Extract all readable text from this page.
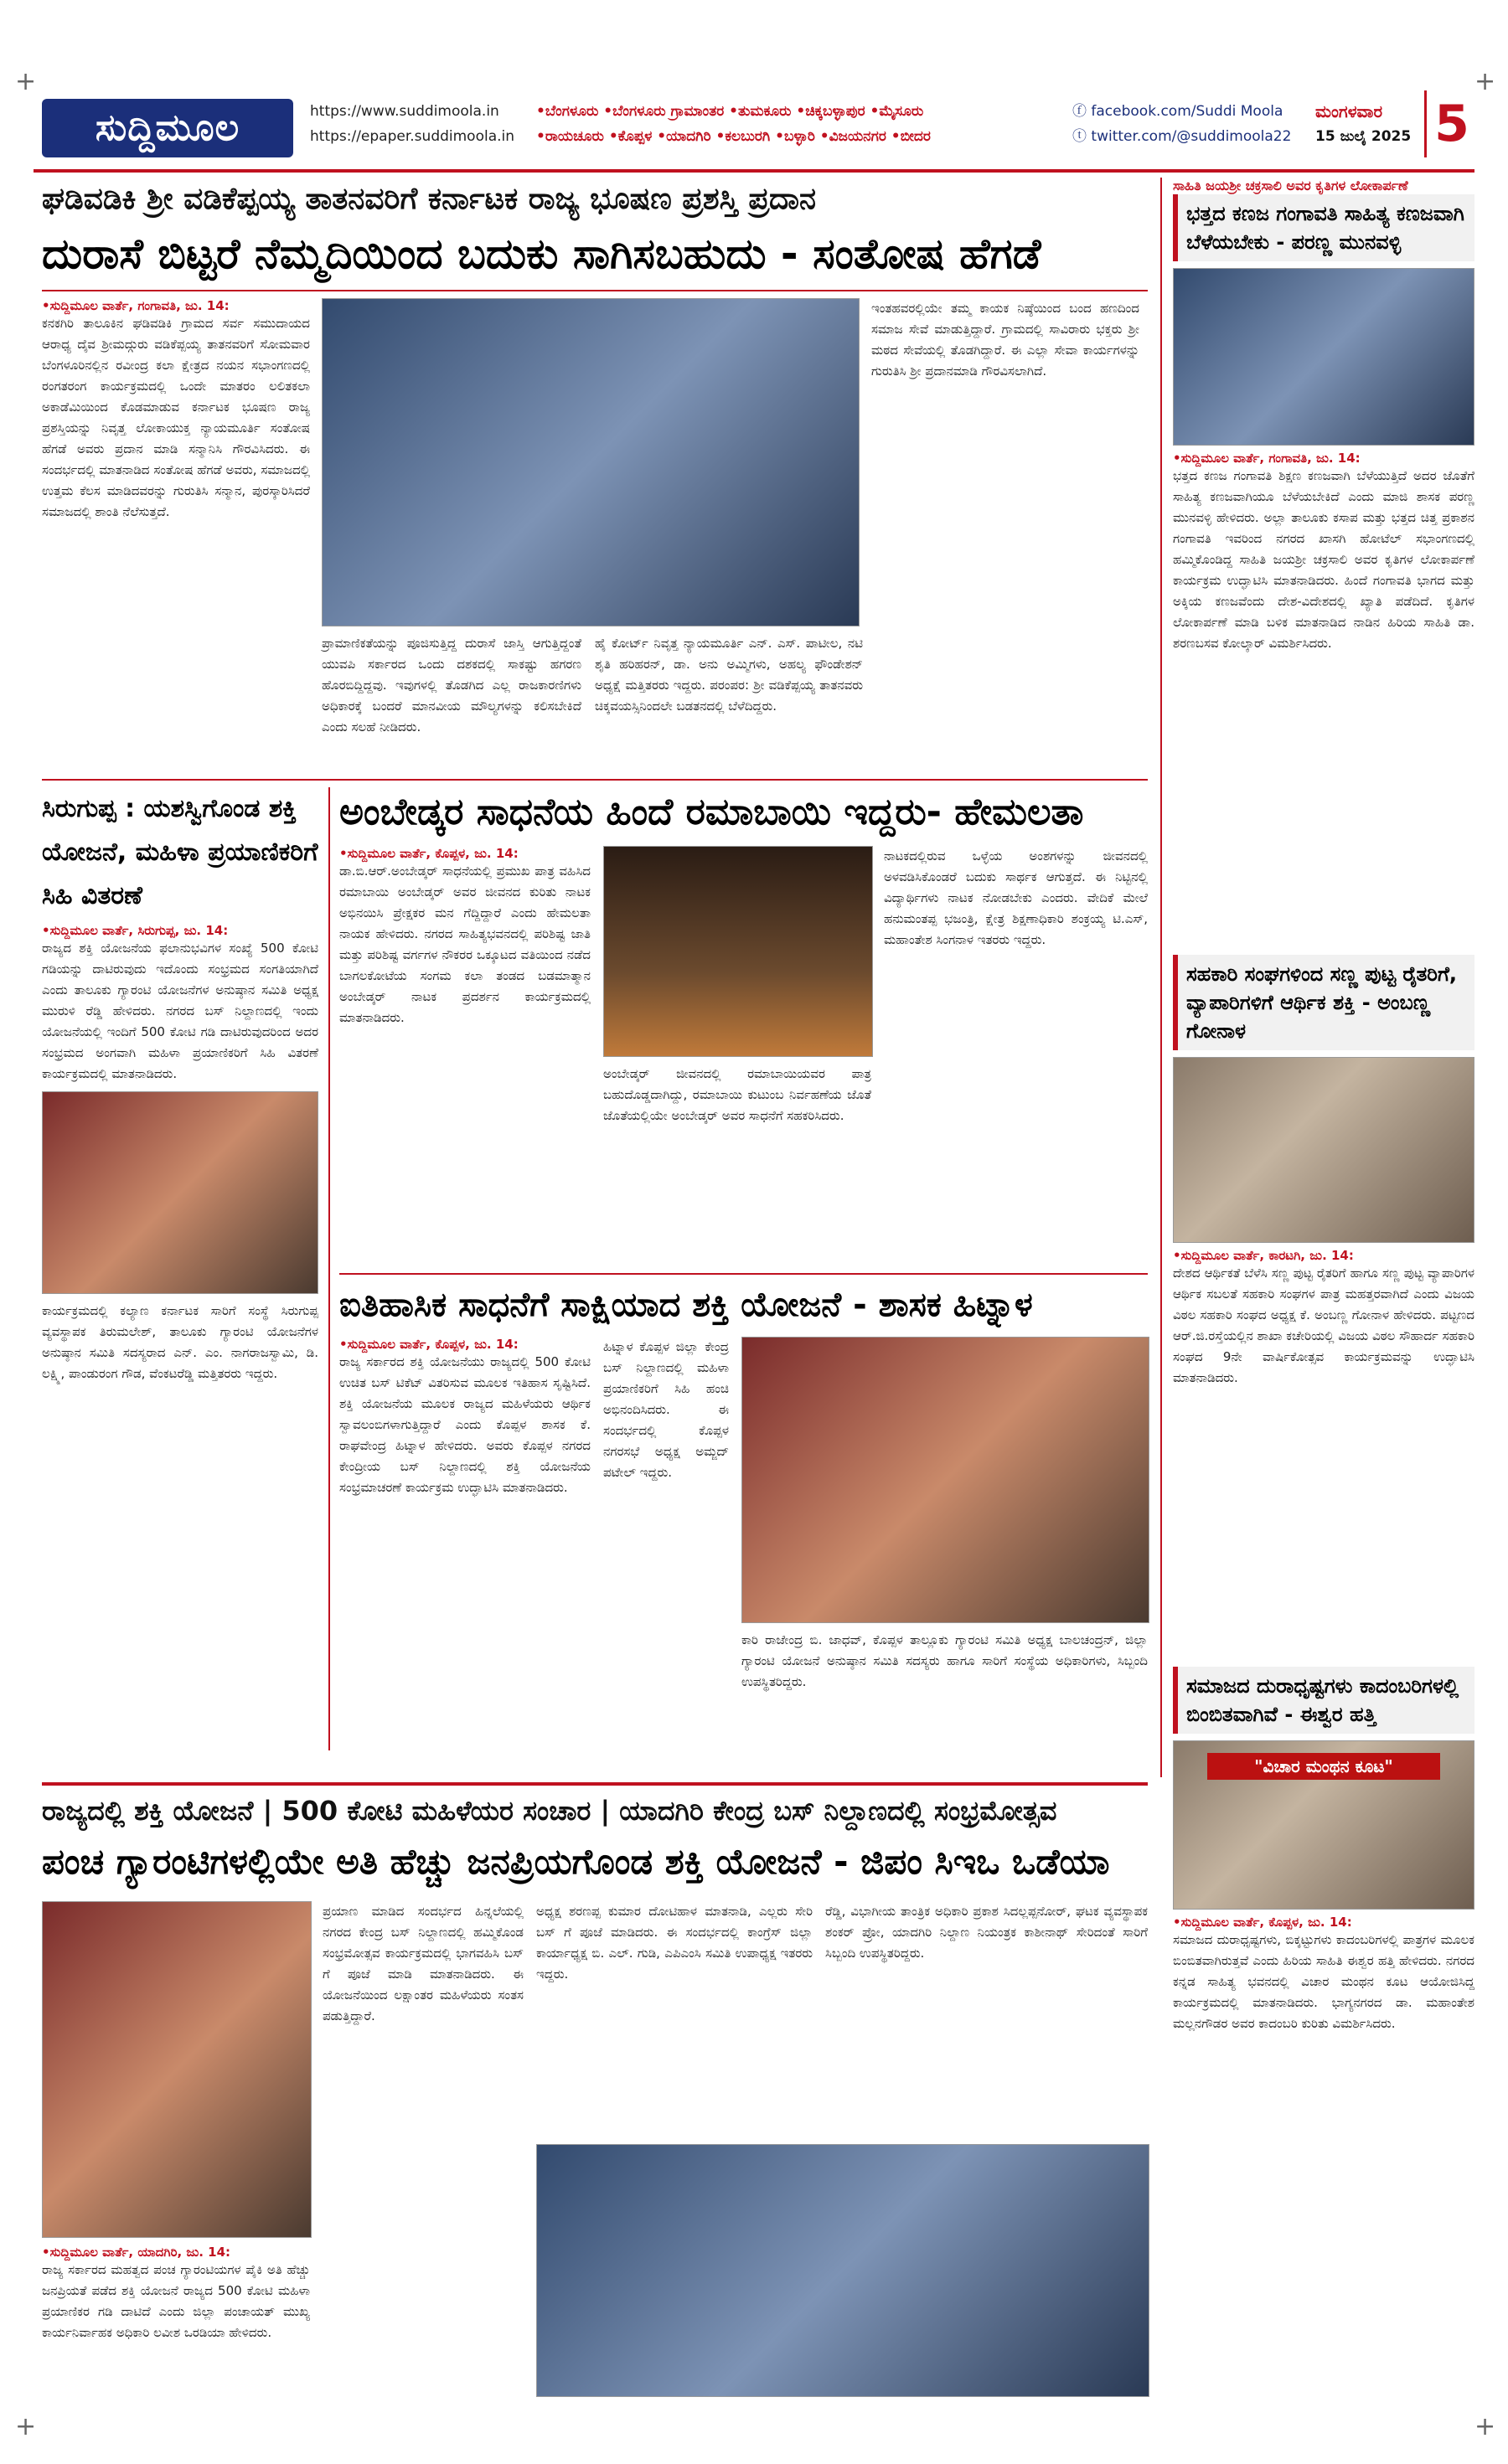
+	+
ಸುದ್ದಿಮೂಲ	https://www.suddimoola.in
https://epaper.suddimoola.in
•ಬೆಂಗಳೂರು •ಬೆಂಗಳೂರು ಗ್ರಾಮಾಂತರ •ತುಮಕೂರು •ಚಿಕ್ಕಬಳ್ಳಾಪುರ •ಮೈಸೂರು
•ರಾಯಚೂರು •ಕೊಪ್ಪಳ •ಯಾದಗಿರಿ •ಕಲಬುರಗಿ •ಬಳ್ಳಾರಿ •ವಿಜಯನಗರ •ಬೀದರ
ⓕ facebook.com/Suddi Moola
ⓣ twitter.com/@suddimoola22
ಮಂಗಳವಾರ
15 ಜುಲೈ 2025 5
ಘಡಿವಡಿಕಿ ಶ್ರೀ ವಡಿಕೆಪ್ಪಯ್ಯ ತಾತನವರಿಗೆ ಕರ್ನಾಟಕ ರಾಜ್ಯ ಭೂಷಣ ಪ್ರಶಸ್ತಿ ಪ್ರದಾನ
ದುರಾಸೆ ಬಿಟ್ಟರೆ ನೆಮ್ಮದಿಯಿಂದ ಬದುಕು ಸಾಗಿಸಬಹುದು - ಸಂತೋಷ ಹೆಗಡೆ
•ಸುದ್ದಿಮೂಲ ವಾರ್ತೆ, ಗಂಗಾವತಿ, ಜು. 14:
ಕನಕಗಿರಿ ತಾಲೂಕಿನ ಘಡಿವಡಿಕಿ ಗ್ರಾಮದ ಸರ್ವ ಸಮುದಾಯದ ಆರಾಧ್ಯ ದೈವ ಶ್ರೀಮದ್ಗುರು ವಡಿಕೆಪ್ಪಯ್ಯ ತಾತನವರಿಗೆ ಸೋಮವಾರ ಬೆಂಗಳೂರಿನಲ್ಲಿನ ರವೀಂದ್ರ ಕಲಾ ಕ್ಷೇತ್ರದ ನಯನ ಸಭಾಂಗಣದಲ್ಲಿ ರಂಗತರಂಗ ಕಾರ್ಯಕ್ರಮದಲ್ಲಿ ಒಂದೇ ಮಾತರಂ ಲಲಿತಕಲಾ ಅಕಾಡೆಮಿಯಿಂದ ಕೊಡಮಾಡುವ ಕರ್ನಾಟಕ ಭೂಷಣ ರಾಜ್ಯ ಪ್ರಶಸ್ತಿಯನ್ನು ನಿವೃತ್ತ ಲೋಕಾಯುಕ್ತ ನ್ಯಾಯಮೂರ್ತಿ ಸಂತೋಷ ಹೆಗಡೆ ಅವರು ಪ್ರದಾನ ಮಾಡಿ ಸನ್ಮಾನಿಸಿ ಗೌರವಿಸಿದರು. ಈ ಸಂದರ್ಭದಲ್ಲಿ ಮಾತನಾಡಿದ ಸಂತೋಷ ಹೆಗಡೆ ಅವರು, ಸಮಾಜದಲ್ಲಿ ಉತ್ತಮ ಕೆಲಸ ಮಾಡಿದವರನ್ನು ಗುರುತಿಸಿ ಸನ್ಮಾನ, ಪುರಸ್ಕಾರಿಸಿದರೆ ಸಮಾಜದಲ್ಲಿ ಶಾಂತಿ ನೆಲೆಸುತ್ತದೆ.
ಇಂತಹವರಲ್ಲಿಯೇ ತಮ್ಮ ಕಾಯಕ ನಿಷ್ಠೆಯಿಂದ ಬಂದ ಹಣದಿಂದ ಸಮಾಜ ಸೇವೆ ಮಾಡುತ್ತಿದ್ದಾರೆ. ಗ್ರಾಮದಲ್ಲಿ ಸಾವಿರಾರು ಭಕ್ತರು ಶ್ರೀ ಮಠದ ಸೇವೆಯಲ್ಲಿ ತೊಡಗಿದ್ದಾರೆ. ಈ ಎಲ್ಲಾ ಸೇವಾ ಕಾರ್ಯಗಳನ್ನು ಗುರುತಿಸಿ ಶ್ರೀ ಪ್ರದಾನಮಾಡಿ ಗೌರವಿಸಲಾಗಿದೆ.
ಪ್ರಾಮಾಣಿಕತೆಯನ್ನು ಪೂಜಿಸುತ್ತಿದ್ದ ದುರಾಸೆ ಜಾಸ್ತಿ ಆಗುತ್ತಿದ್ದಂತೆ ಯುವಪಿ ಸರ್ಕಾರದ ಒಂದು ದಶಕದಲ್ಲಿ ಸಾಕಷ್ಟು ಹಗರಣ ಹೊರಬಿದ್ದಿದ್ದವು. ಇವುಗಳಲ್ಲಿ ತೊಡಗಿದ ಎಲ್ಲ ರಾಜಕಾರಣಿಗಳು ಅಧಿಕಾರಕ್ಕೆ ಬಂದರೆ ಮಾನವೀಯ ಮೌಲ್ಯಗಳನ್ನು ಕಲಿಸಬೇಕಿದೆ ಎಂದು ಸಲಹೆ ನೀಡಿದರು.
ಹೈ ಕೋರ್ಟ್ ನಿವೃತ್ತ ನ್ಯಾಯಮೂರ್ತಿ ಎನ್. ಎಸ್. ಪಾಟೀಲ, ನಟಿ ಶೃತಿ ಹರಿಹರನ್, ಡಾ. ಅನು ಅಮ್ಮಿಗಳು, ಅಹಲ್ಯ ಫೌಂಡೇಶನ್ ಅಧ್ಯಕ್ಷೆ ಮತ್ತಿತರರು ಇದ್ದರು. ಪರಂಪರ: ಶ್ರೀ ವಡಿಕೆಪ್ಪಯ್ಯ ತಾತನವರು ಚಿಕ್ಕವಯಸ್ಸಿನಿಂದಲೇ ಬಡತನದಲ್ಲಿ ಬೆಳೆದಿದ್ದರು.
ಸಾಹಿತಿ ಜಯಶ್ರೀ ಚಕ್ರಸಾಲಿ ಅವರ ಕೃತಿಗಳ ಲೋಕಾರ್ಪಣೆ
ಭತ್ತದ ಕಣಜ ಗಂಗಾವತಿ ಸಾಹಿತ್ಯ ಕಣಜವಾಗಿ ಬೆಳೆಯಬೇಕು - ಪರಣ್ಣ ಮುನವಳ್ಳಿ
•ಸುದ್ದಿಮೂಲ ವಾರ್ತೆ, ಗಂಗಾವತಿ, ಜು. 14:
ಭತ್ತದ ಕಣಜ ಗಂಗಾವತಿ ಶಿಕ್ಷಣ ಕಣಜವಾಗಿ ಬೆಳೆಯುತ್ತಿದೆ ಅದರ ಜೊತೆಗೆ ಸಾಹಿತ್ಯ ಕಣಜವಾಗಿಯೂ ಬೆಳೆಯಬೇಕಿದೆ ಎಂದು ಮಾಜಿ ಶಾಸಕ ಪರಣ್ಣ ಮುನವಳ್ಳಿ ಹೇಳಿದರು. ಅಲ್ಲಾ ತಾಲೂಕು ಕಸಾಪ ಮತ್ತು ಭತ್ತದ ಚಿತ್ತ ಪ್ರಕಾಶನ ಗಂಗಾವತಿ ಇವರಿಂದ ನಗರದ ಖಾಸಗಿ ಹೋಟೆಲ್ ಸಭಾಂಗಣದಲ್ಲಿ ಹಮ್ಮಿಕೊಂಡಿದ್ದ ಸಾಹಿತಿ ಜಯಶ್ರೀ ಚಕ್ರಸಾಲಿ ಅವರ ಕೃತಿಗಳ ಲೋಕಾರ್ಪಣೆ ಕಾರ್ಯಕ್ರಮ ಉದ್ಘಾಟಿಸಿ ಮಾತನಾಡಿದರು. ಹಿಂದೆ ಗಂಗಾವತಿ ಭಾಗದ ಮತ್ತು ಅಕ್ಕಿಯ ಕಣಜವೆಂದು ದೇಶ-ವಿದೇಶದಲ್ಲಿ ಖ್ಯಾತಿ ಪಡೆದಿದೆ. ಕೃತಿಗಳ ಲೋಕಾರ್ಪಣೆ ಮಾಡಿ ಬಳಿಕ ಮಾತನಾಡಿದ ನಾಡಿನ ಹಿರಿಯ ಸಾಹಿತಿ ಡಾ. ಶರಣಬಸವ ಕೋಲ್ಕಾರ್ ವಿಮರ್ಶಿಸಿದರು.
ಸಿರುಗುಪ್ಪ : ಯಶಸ್ವಿಗೊಂಡ ಶಕ್ತಿ ಯೋಜನೆ, ಮಹಿಳಾ ಪ್ರಯಾಣಿಕರಿಗೆ ಸಿಹಿ ವಿತರಣೆ
•ಸುದ್ದಿಮೂಲ ವಾರ್ತೆ, ಸಿರುಗುಪ್ಪ, ಜು. 14:
ರಾಜ್ಯದ ಶಕ್ತಿ ಯೋಜನೆಯ ಫಲಾನುಭವಿಗಳ ಸಂಖ್ಯೆ 500 ಕೋಟಿ ಗಡಿಯನ್ನು ದಾಟಿರುವುದು ಇದೊಂದು ಸಂಭ್ರಮದ ಸಂಗತಿಯಾಗಿದೆ ಎಂದು ತಾಲೂಕು ಗ್ಯಾರಂಟಿ ಯೋಜನೆಗಳ ಅನುಷ್ಠಾನ ಸಮಿತಿ ಅಧ್ಯಕ್ಷ ಮುರುಳಿ ರೆಡ್ಡಿ ಹೇಳಿದರು. ನಗರದ ಬಸ್ ನಿಲ್ದಾಣದಲ್ಲಿ ಇಂದು ಯೋಜನೆಯಲ್ಲಿ ಇಂದಿಗೆ 500 ಕೋಟಿ ಗಡಿ ದಾಟಿರುವುದರಿಂದ ಅದರ ಸಂಭ್ರಮದ ಅಂಗವಾಗಿ ಮಹಿಳಾ ಪ್ರಯಾಣಿಕರಿಗೆ ಸಿಹಿ ವಿತರಣೆ ಕಾರ್ಯಕ್ರಮದಲ್ಲಿ ಮಾತನಾಡಿದರು.
ಕಾರ್ಯಕ್ರಮದಲ್ಲಿ ಕಲ್ಯಾಣ ಕರ್ನಾಟಕ ಸಾರಿಗೆ ಸಂಸ್ಥೆ ಸಿರುಗುಪ್ಪ ವ್ಯವಸ್ಥಾಪಕ ತಿರುಮಲೇಶ್, ತಾಲೂಕು ಗ್ಯಾರಂಟಿ ಯೋಜನೆಗಳ ಅನುಷ್ಠಾನ ಸಮಿತಿ ಸದಸ್ಯರಾದ ಎನ್. ಎಂ. ನಾಗರಾಜಸ್ವಾಮಿ, ಡಿ. ಲಕ್ಷ್ಮಿ, ಪಾಂಡುರಂಗ ಗೌಡ, ವೆಂಕಟರೆಡ್ಡಿ ಮತ್ತಿತರರು ಇದ್ದರು.
ಅಂಬೇಡ್ಕರ ಸಾಧನೆಯ ಹಿಂದೆ ರಮಾಬಾಯಿ ಇದ್ದರು- ಹೇಮಲತಾ
•ಸುದ್ದಿಮೂಲ ವಾರ್ತೆ, ಕೊಪ್ಪಳ, ಜು. 14:
ಡಾ.ಬಿ.ಆರ್.ಅಂಬೇಡ್ಕರ್ ಸಾಧನೆಯಲ್ಲಿ ಪ್ರಮುಖ ಪಾತ್ರ ವಹಿಸಿದ ರಮಾಬಾಯಿ ಅಂಬೇಡ್ಕರ್ ಅವರ ಜೀವನದ ಕುರಿತು ನಾಟಕ ಅಭಿನಯಿಸಿ ಪ್ರೇಕ್ಷಕರ ಮನ ಗೆದ್ದಿದ್ದಾರೆ ಎಂದು ಹೇಮಲತಾ ನಾಯಕ ಹೇಳಿದರು. ನಗರದ ಸಾಹಿತ್ಯಭವನದಲ್ಲಿ ಪರಿಶಿಷ್ಟ ಜಾತಿ ಮತ್ತು ಪರಿಶಿಷ್ಟ ವರ್ಗಗಳ ನೌಕರರ ಒಕ್ಕೂಟದ ವತಿಯಿಂದ ನಡೆದ ಬಾಗಲಕೋಟೆಯ ಸಂಗಮ ಕಲಾ ತಂಡದ ಬಡಮಾತ್ಮಾನ ಅಂಬೇಡ್ಕರ್ ನಾಟಕ ಪ್ರದರ್ಶನ ಕಾರ್ಯಕ್ರಮದಲ್ಲಿ ಮಾತನಾಡಿದರು.
ಅಂಬೇಡ್ಕರ್ ಜೀವನದಲ್ಲಿ ರಮಾಬಾಯಿಯವರ ಪಾತ್ರ ಬಹುದೊಡ್ಡದಾಗಿದ್ದು, ರಮಾಬಾಯಿ ಕುಟುಂಬ ನಿರ್ವಹಣೆಯ ಜೊತೆ ಜೊತೆಯಲ್ಲಿಯೇ ಅಂಬೇಡ್ಕರ್ ಅವರ ಸಾಧನೆಗೆ ಸಹಕರಿಸಿದರು.
ನಾಟಕದಲ್ಲಿರುವ ಒಳ್ಳೆಯ ಅಂಶಗಳನ್ನು ಜೀವನದಲ್ಲಿ ಅಳವಡಿಸಿಕೊಂಡರೆ ಬದುಕು ಸಾರ್ಥಕ ಆಗುತ್ತದೆ. ಈ ನಿಟ್ಟಿನಲ್ಲಿ ವಿದ್ಯಾರ್ಥಿಗಳು ನಾಟಕ ನೋಡಬೇಕು ಎಂದರು. ವೇದಿಕೆ ಮೇಲೆ ಹನುಮಂತಪ್ಪ ಭಜಂತ್ರಿ, ಕ್ಷೇತ್ರ ಶಿಕ್ಷಣಾಧಿಕಾರಿ ಶಂಕ್ರಯ್ಯ ಟಿ.ಎಸ್, ಮಹಾಂತೇಶ ಸಿಂಗನಾಳ ಇತರರು ಇದ್ದರು.
ಸಹಕಾರಿ ಸಂಘಗಳಿಂದ ಸಣ್ಣ ಪುಟ್ಟ ರೈತರಿಗೆ, ವ್ಯಾಪಾರಿಗಳಿಗೆ ಆರ್ಥಿಕ ಶಕ್ತಿ - ಅಂಬಣ್ಣ ಗೋನಾಳ
•ಸುದ್ದಿಮೂಲ ವಾರ್ತೆ, ಕಾರಟಗಿ, ಜು. 14:
ದೇಶದ ಆರ್ಥಿಕತೆ ಬೆಳೆಸಿ ಸಣ್ಣ ಪುಟ್ಟ ರೈತರಿಗೆ ಹಾಗೂ ಸಣ್ಣ ಪುಟ್ಟ ವ್ಯಾಪಾರಿಗಳ ಆರ್ಥಿಕ ಸಬಲತೆ ಸಹಕಾರಿ ಸಂಘಗಳ ಪಾತ್ರ ಮಹತ್ತರವಾಗಿದೆ ಎಂದು ವಿಜಯ ವಿಠಲ ಸಹಕಾರಿ ಸಂಘದ ಅಧ್ಯಕ್ಷ ಕೆ. ಅಂಬಣ್ಣ ಗೋನಾಳ ಹೇಳಿದರು. ಪಟ್ಟಣದ ಆರ್.ಜಿ.ರಸ್ತೆಯಲ್ಲಿನ ಶಾಖಾ ಕಚೇರಿಯಲ್ಲಿ ವಿಜಯ ವಿಠಲ ಸೌಹಾರ್ದ ಸಹಕಾರಿ ಸಂಘದ 9ನೇ ವಾರ್ಷಿಕೋತ್ಸವ ಕಾರ್ಯಕ್ರಮವನ್ನು ಉದ್ಘಾಟಿಸಿ ಮಾತನಾಡಿದರು.
ಐತಿಹಾಸಿಕ ಸಾಧನೆಗೆ ಸಾಕ್ಷಿಯಾದ ಶಕ್ತಿ ಯೋಜನೆ - ಶಾಸಕ ಹಿಟ್ನಾಳ
•ಸುದ್ದಿಮೂಲ ವಾರ್ತೆ, ಕೊಪ್ಪಳ, ಜು. 14:
ರಾಜ್ಯ ಸರ್ಕಾರದ ಶಕ್ತಿ ಯೋಜನೆಯು ರಾಜ್ಯದಲ್ಲಿ 500 ಕೋಟಿ ಉಚಿತ ಬಸ್ ಟಿಕೆಟ್ ವಿತರಿಸುವ ಮೂಲಕ ಇತಿಹಾಸ ಸೃಷ್ಟಿಸಿದೆ. ಶಕ್ತಿ ಯೋಜನೆಯ ಮೂಲಕ ರಾಜ್ಯದ ಮಹಿಳೆಯರು ಆರ್ಥಿಕ ಸ್ವಾವಲಂಬಿಗಳಾಗುತ್ತಿದ್ದಾರೆ ಎಂದು ಕೊಪ್ಪಳ ಶಾಸಕ ಕೆ. ರಾಘವೇಂದ್ರ ಹಿಟ್ನಾಳ ಹೇಳಿದರು. ಅವರು ಕೊಪ್ಪಳ ನಗರದ ಕೇಂದ್ರೀಯ ಬಸ್ ನಿಲ್ದಾಣದಲ್ಲಿ ಶಕ್ತಿ ಯೋಜನೆಯ ಸಂಭ್ರಮಾಚರಣೆ ಕಾರ್ಯಕ್ರಮ ಉದ್ಘಾಟಿಸಿ ಮಾತನಾಡಿದರು.
ಹಿಟ್ನಾಳ ಕೊಪ್ಪಳ ಜಿಲ್ಲಾ ಕೇಂದ್ರ ಬಸ್ ನಿಲ್ದಾಣದಲ್ಲಿ ಮಹಿಳಾ ಪ್ರಯಾಣಿಕರಿಗೆ ಸಿಹಿ ಹಂಚಿ ಅಭಿನಂದಿಸಿದರು. ಈ ಸಂದರ್ಭದಲ್ಲಿ ಕೊಪ್ಪಳ ನಗರಸಭೆ ಅಧ್ಯಕ್ಷ ಅಮ್ಜದ್ ಪಟೇಲ್ ಇದ್ದರು.
ಕಾರಿ ರಾಜೇಂದ್ರ ಬಿ. ಜಾಧವ್, ಕೊಪ್ಪಳ ತಾಲ್ಲೂಕು ಗ್ಯಾರಂಟಿ ಸಮಿತಿ ಅಧ್ಯಕ್ಷ ಬಾಲಚಂದ್ರನ್, ಜಿಲ್ಲಾ ಗ್ಯಾರಂಟಿ ಯೋಜನೆ ಅನುಷ್ಠಾನ ಸಮಿತಿ ಸದಸ್ಯರು ಹಾಗೂ ಸಾರಿಗೆ ಸಂಸ್ಥೆಯ ಅಧಿಕಾರಿಗಳು, ಸಿಬ್ಬಂದಿ ಉಪಸ್ಥಿತರಿದ್ದರು.	ಸಮಾಜದ ದುರಾಧೃಷ್ಟಗಳು ಕಾದಂಬರಿಗಳಲ್ಲಿ ಬಿಂಬಿತವಾಗಿವೆ - ಈಶ್ವರ ಹತ್ತಿ
"ವಿಚಾರ ಮಂಥನ ಕೂಟ"
•ಸುದ್ದಿಮೂಲ ವಾರ್ತೆ, ಕೊಪ್ಪಳ, ಜು. 14:
ಸಮಾಜದ ದುರಾಧೃಷ್ಟಗಳು, ಬಿಕ್ಕಟ್ಟುಗಳು ಕಾದಂಬರಿಗಳಲ್ಲಿ ಪಾತ್ರಗಳ ಮೂಲಕ ಬಿಂಬಿತವಾಗಿರುತ್ತವೆ ಎಂದು ಹಿರಿಯ ಸಾಹಿತಿ ಈಶ್ವರ ಹತ್ತಿ ಹೇಳಿದರು. ನಗರದ ಕನ್ನಡ ಸಾಹಿತ್ಯ ಭವನದಲ್ಲಿ ವಿಚಾರ ಮಂಥನ ಕೂಟ ಆಯೋಜಿಸಿದ್ದ ಕಾರ್ಯಕ್ರಮದಲ್ಲಿ ಮಾತನಾಡಿದರು. ಭಾಗ್ಯನಗರದ ಡಾ. ಮಹಾಂತೇಶ ಮಲ್ಲನಗೌಡರ ಅವರ ಕಾದಂಬರಿ ಕುರಿತು ವಿಮರ್ಶಿಸಿದರು.
ರಾಜ್ಯದಲ್ಲಿ ಶಕ್ತಿ ಯೋಜನೆ | 500 ಕೋಟಿ ಮಹಿಳೆಯರ ಸಂಚಾರ | ಯಾದಗಿರಿ ಕೇಂದ್ರ ಬಸ್ ನಿಲ್ದಾಣದಲ್ಲಿ ಸಂಭ್ರಮೋತ್ಸವ
ಪಂಚ ಗ್ಯಾರಂಟಿಗಳಲ್ಲಿಯೇ ಅತಿ ಹೆಚ್ಚು ಜನಪ್ರಿಯಗೊಂಡ ಶಕ್ತಿ ಯೋಜನೆ - ಜಿಪಂ ಸಿಇಒ ಒಡೆಯಾ
•ಸುದ್ದಿಮೂಲ ವಾರ್ತೆ, ಯಾದಗಿರಿ, ಜು. 14:
ರಾಜ್ಯ ಸರ್ಕಾರದ ಮಹತ್ವದ ಪಂಚ ಗ್ಯಾರಂಟಿಯಗಳ ಪೈಕಿ ಅತಿ ಹೆಚ್ಚು ಜನಪ್ರಿಯತೆ ಪಡೆದ ಶಕ್ತಿ ಯೋಜನೆ ರಾಜ್ಯದ 500 ಕೋಟಿ ಮಹಿಳಾ ಪ್ರಯಾಣಿಕರ ಗಡಿ ದಾಟಿದೆ ಎಂದು ಜಿಲ್ಲಾ ಪಂಚಾಯತ್ ಮುಖ್ಯ ಕಾರ್ಯನಿರ್ವಾಹಕ ಅಧಿಕಾರಿ ಲವೀಶ ಒರಡಿಯಾ ಹೇಳಿದರು.
ಪ್ರಯಾಣ ಮಾಡಿದ ಸಂದರ್ಭದ ಹಿನ್ನಲೆಯಲ್ಲಿ ನಗರದ ಕೇಂದ್ರ ಬಸ್ ನಿಲ್ದಾಣದಲ್ಲಿ ಹಮ್ಮಿಕೊಂಡ ಸಂಭ್ರಮೋತ್ಸವ ಕಾರ್ಯಕ್ರಮದಲ್ಲಿ ಭಾಗವಹಿಸಿ ಬಸ್ ಗೆ ಪೂಜೆ ಮಾಡಿ ಮಾತನಾಡಿದರು. ಈ ಯೋಜನೆಯಿಂದ ಲಕ್ಷಾಂತರ ಮಹಿಳೆಯರು ಸಂತಸ ಪಡುತ್ತಿದ್ದಾರೆ.
ಅಧ್ಯಕ್ಷ ಶರಣಪ್ಪ ಕುಮಾರ ದೋಟಿಹಾಳ ಮಾತನಾಡಿ, ಎಲ್ಲರು ಸೇರಿ ಬಸ್ ಗೆ ಪೂಜೆ ಮಾಡಿದರು. ಈ ಸಂದರ್ಭದಲ್ಲಿ ಕಾಂಗ್ರೆಸ್ ಜಿಲ್ಲಾ ಕಾರ್ಯಾಧ್ಯಕ್ಷ ಬಿ. ಎಲ್. ಗುಡಿ, ಎಪಿಎಂಸಿ ಸಮಿತಿ ಉಪಾಧ್ಯಕ್ಷ ಇತರರು ಇದ್ದರು.
ರೆಡ್ಡಿ, ವಿಭಾಗೀಯ ತಾಂತ್ರಿಕ ಅಧಿಕಾರಿ ಪ್ರಕಾಶ ಸಿದಲ್ಲಪ್ಪನೋರ್, ಘಟಕ ವ್ಯವಸ್ಥಾಪಕ ಶಂಕರ್ ಪ್ರೋ, ಯಾದಗಿರಿ ನಿಲ್ದಾಣ ನಿಯಂತ್ರಕ ಕಾಶೀನಾಥ್ ಸೇರಿದಂತೆ ಸಾರಿಗೆ ಸಿಬ್ಬಂದಿ ಉಪಸ್ಥಿತರಿದ್ದರು.
+	+
